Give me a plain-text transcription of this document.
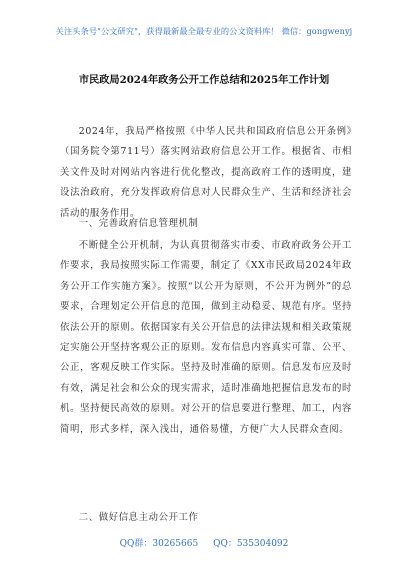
关注头条号"公文研究"，获得最新最全最专业的公文资料库！ 微信：gongwenyj
市民政局2024年政务公开工作总结和2025年工作计划

2024年，我局严格按照《中华人民共和国政府信息公开条例》（国务院令第711号）落实网站政府信息公开工作。根据省、市相关文件及时对网站内容进行优化整改，提高政府工作的透明度，建设法治政府，充分发挥政府信息对人民群众生产、生活和经济社会活动的服务作用。

一、完善政府信息管理机制

不断健全公开机制，为认真贯彻落实市委、市政府政务公开工作要求，我局按照实际工作需要，制定了《XX市民政局2024年政务公开工作实施方案》。按照“以公开为原则，不公开为例外”的总要求，合理划定公开信息的范围，做到主动稳妥、规范有序。坚持依法公开的原则。依据国家有关公开信息的法律法规和相关政策规定实施公开坚持客观公正的原则。发布信息内容真实可靠、公平、公正，客观反映工作实际。坚持及时准确的原则。信息发布应及时有效，满足社会和公众的现实需求，适时准确地把握信息发布的时机。坚持便民高效的原则。对公开的信息要进行整理、加工，内容简明，形式多样，深入浅出，通俗易懂，方便广大人民群众查阅。

二、做好信息主动公开工作

QQ群：30265665 QQ：535304092
